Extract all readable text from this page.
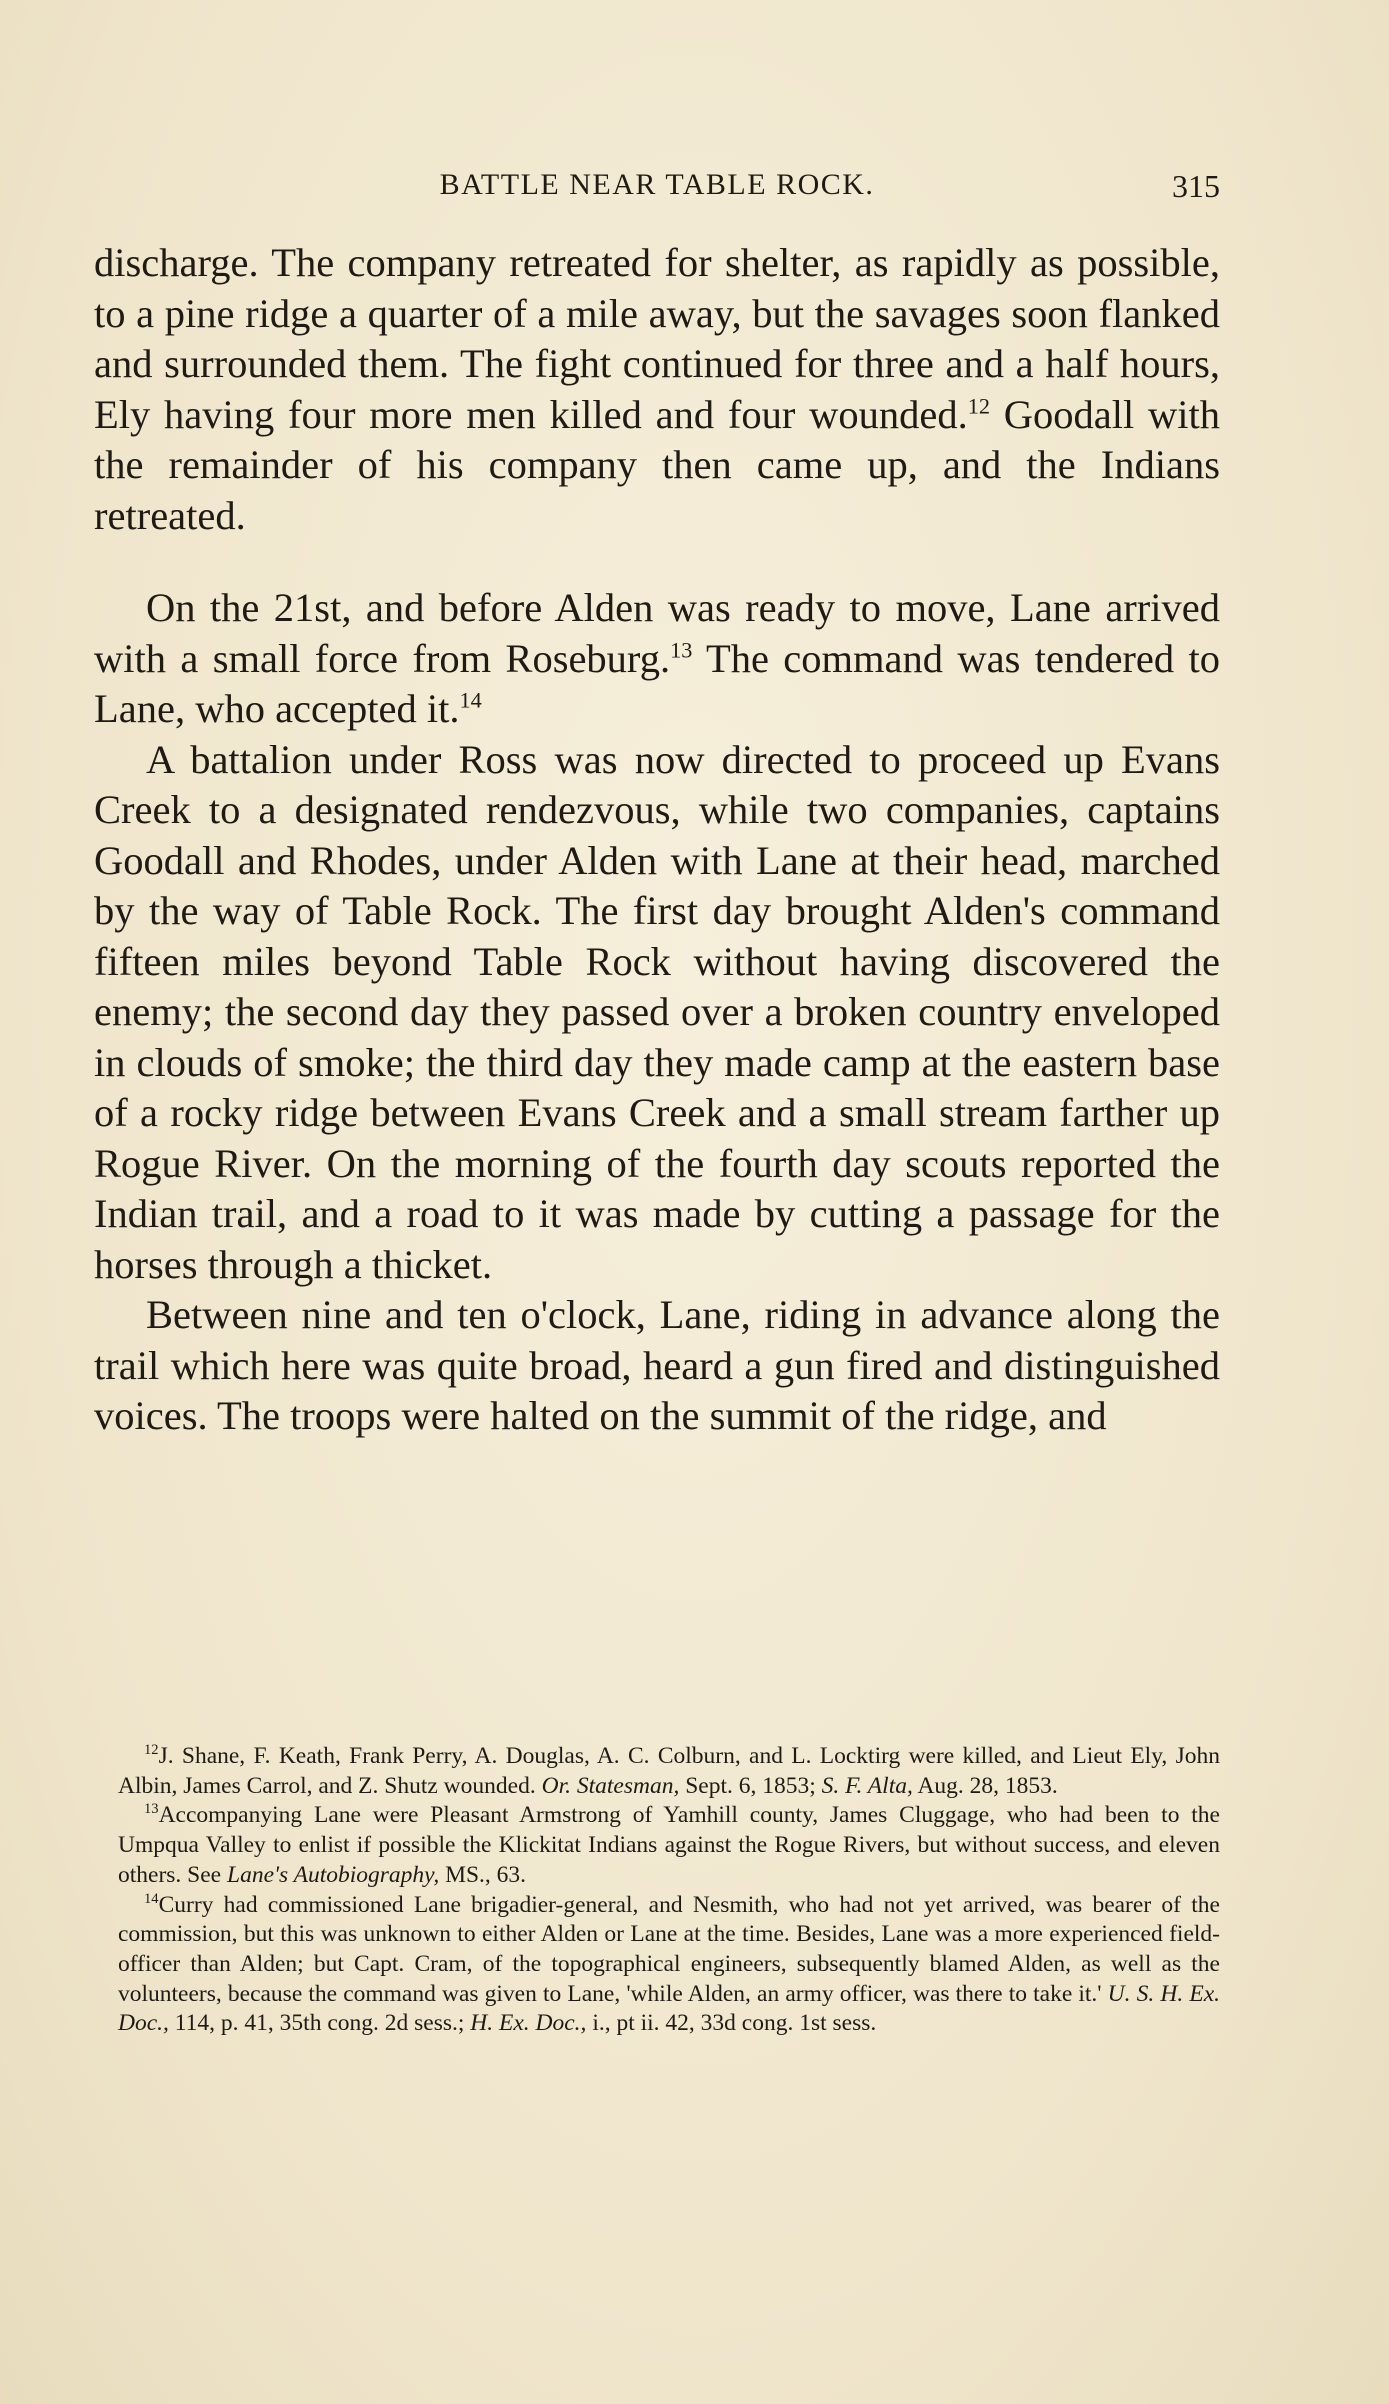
BATTLE NEAR TABLE ROCK.	315

discharge. The company retreated for shelter, as rapidly as possible, to a pine ridge a quarter of a mile away, but the savages soon flanked and surrounded them. The fight continued for three and a half hours, Ely having four more men killed and four wounded.$^{12}$ Goodall with the remainder of his company then came up, and the Indians retreated.

On the 21st, and before Alden was ready to move, Lane arrived with a small force from Roseburg.$^{13}$ The command was tendered to Lane, who accepted it.$^{14}$

A battalion under Ross was now directed to proceed up Evans Creek to a designated rendezvous, while two companies, captains Goodall and Rhodes, under Alden with Lane at their head, marched by the way of Table Rock. The first day brought Alden's command fifteen miles beyond Table Rock without having discovered the enemy; the second day they passed over a broken country enveloped in clouds of smoke; the third day they made camp at the eastern base of a rocky ridge between Evans Creek and a small stream farther up Rogue River. On the morning of the fourth day scouts reported the Indian trail, and a road to it was made by cutting a passage for the horses through a thicket.

Between nine and ten o'clock, Lane, riding in advance along the trail which here was quite broad, heard a gun fired and distinguished voices. The troops were halted on the summit of the ridge, and

$^{12}$J. Shane, F. Keath, Frank Perry, A. Douglas, A. C. Colburn, and L. Locktirg were killed, and Lieut Ely, John Albin, James Carrol, and Z. Shutz wounded. Or. Statesman, Sept. 6, 1853; S. F. Alta, Aug. 28, 1853.

$^{13}$Accompanying Lane were Pleasant Armstrong of Yamhill county, James Cluggage, who had been to the Umpqua Valley to enlist if possible the Klickitat Indians against the Rogue Rivers, but without success, and eleven others. See Lane's Autobiography, MS., 63.

$^{14}$Curry had commissioned Lane brigadier-general, and Nesmith, who had not yet arrived, was bearer of the commission, but this was unknown to either Alden or Lane at the time. Besides, Lane was a more experienced field-officer than Alden; but Capt. Cram, of the topographical engineers, subsequently blamed Alden, as well as the volunteers, because the command was given to Lane, 'while Alden, an army officer, was there to take it.' U. S. H. Ex. Doc., 114, p. 41, 35th cong. 2d sess.; H. Ex. Doc., i., pt ii. 42, 33d cong. 1st sess.
